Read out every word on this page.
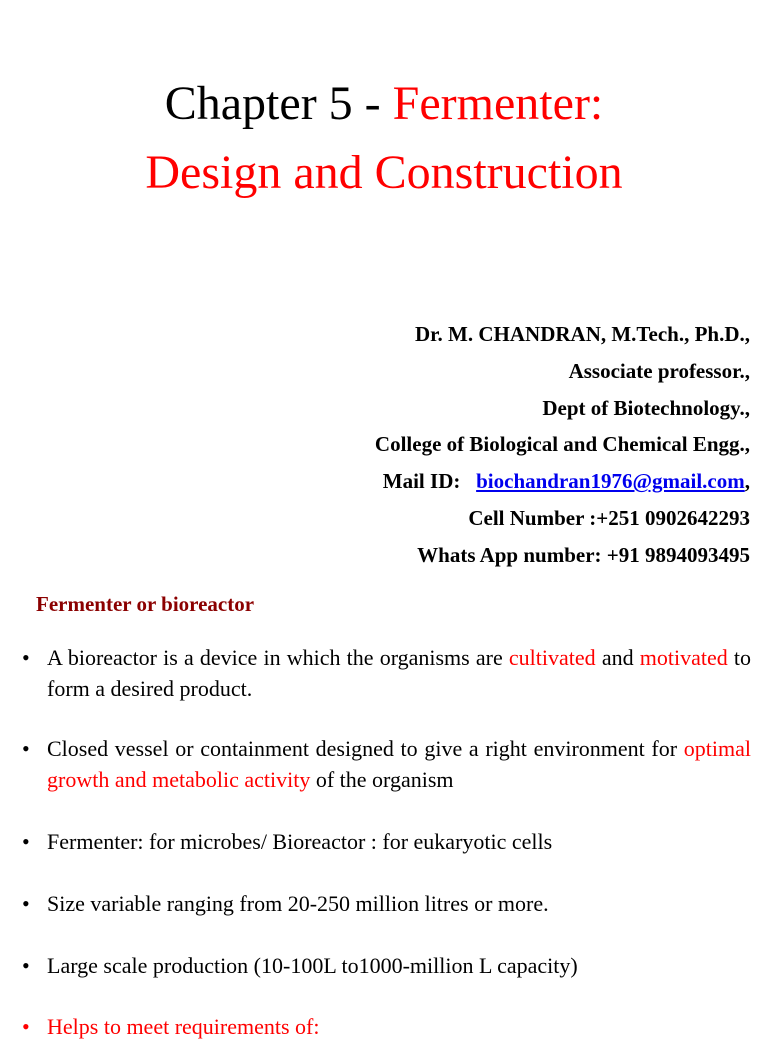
Chapter 5 - Fermenter:
Design and Construction
Dr. M. CHANDRAN, M.Tech., Ph.D.,
Associate professor.,
Dept of Biotechnology.,
College of Biological and Chemical Engg.,
Mail ID: biochandran1976@gmail.com,
Cell Number :+251 0902642293
Whats App number: +91 9894093495
Fermenter or bioreactor
• A bioreactor is a device in which the organisms are cultivated and motivated to form a desired product.
• Closed vessel or containment designed to give a right environment for optimal growth and metabolic activity of the organism
• Fermenter: for microbes/ Bioreactor : for eukaryotic cells
• Size variable ranging from 20-250 million litres or more.
• Large scale production (10-100L to1000-million L capacity)
• Helps to meet requirements of:
